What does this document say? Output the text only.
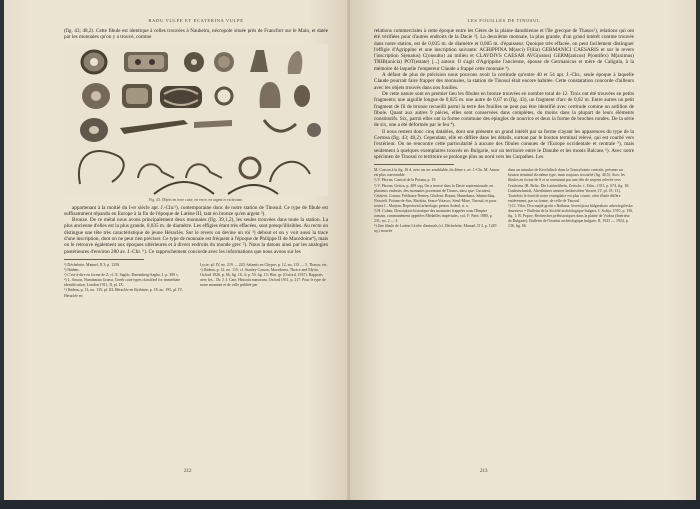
RADU VULPE ET ECATERINA VULPE

(fig. 43; 48,2). Cette fibule est identique à celles trouvées à Nauheim, nécropole située près de Francfort sur le Main, et datée par les monnaies qu'on y a trouvé, comme

Fig. 43. Objets en terre cuite, en verre, en argent et en bronze.

appartenant à la moitié du I-er siècle apr. J.-Chr.¹), contemporaine donc de notre station de Tinosul. Ce type de fibule est suffisamment répandu en Europe à la fin de l'époque de Latène III, tant en bronze qu'en argent ²).

Bronze. De ce métal nous avons principalement deux monnaies (fig. 39,1,2), les seules trouvées dans toute la station. La plus ancienne d'elles est la plus grande, 0,035 m. de diamètre. Les effigies étant très effacées, sont presqu'illisibles. Au recto on distingue une tête très caractéristique de jeune Héraclès. Sur le revers on devine un roi ³) debout et on y voit aussi la trace d'une inscription, dont on ne peut rien préciser. Ce type de monnaie est fréquent à l'époque de Philippe II de Macédoine⁴), mais on le retrouve également aux époques ultérieures et à divers endroits du monde grec ⁵). Nous la datons ainsi par les analogies postérieures d'environ 280 av. J.-Chr. ⁶). Ce rapprochement concorde avec les informations que nous avons sur les

¹) Déchelette, Manuel, II 3, p. 1256.
²) Ibidem.
³) C'est-à-dire en forme de Z; cf. E. Saglio, Daremberg-Saglio, I, p. 309 s.
⁴) L. Anson, Numismata Græca, Greek coin-types classified for immediate identification, London 1911, II, pl. IX.
⁵) Ibidem, p. 13, no. 135; pl. III, Héraclée en Bythinie; p. 18, no. 195, pl. IV, Héraclée en
Lycie; pl. IV, no. 219 — 220, Salamis en Chypre; p. 12, no. 133 — 5, Thasos; etc.
⁶) Ibidem, p. 12, no. 115; cf. Stanley Casson, Macedonia, Thrace and Illyria, Oxford 1926, p. 66, fig. 16, 4; p. 59, fig. 15; Hist. gr. (Oxford, 1937). Rapports avec les... Dr. J. J. Cate, Historia numorum, Oxford 1911, p. 217. Pour le type de notre monnaie et de celle publiée par
212
LES FOUILLES DE TINOSUL

relations commerciales à cette époque entre les Gètes de la plaine danubienne et l'île grecque de Thasos¹), relations qui ont été vérifiées pour d'autres endroits de la Dacie ²). La deuxième monnaie, la plus grande, d'un grand intérêt comme trouvée dans notre station, est de 0,035 m. de diamètre et 0,005 m. d'épaisseur. Quoique très effacée, on peut facilement distinguer l'effigie d'Agrippine et une inscription suivante: AGRIPPINA M(arci) F(ilia) GERMANICI CAESARIS et sur le revers l'inscription S(enatus) C(onsulto) au milieu et CLAVDIVS CAESAR AVG(ustus) GERM(anicus) P(ontifex) M(aximus) TRIB(unicia) POT(estate) [...] autour. Il s'agit d'Agrippine l'ancienne, épouse de Germanicus et mère de Caligula, à la mémoire de laquelle l'empereur Claude a frappé cette monnaie ³).

A défaut de plus de précision nous pouvons avoir la certitude qu'entre 40 et 54 apr. J.-Chr., seule époque à laquelle Claude pourrait faire frapper des monnaies, la station de Tinosul était encore habitée. Cette constatation concorde d'ailleurs avec les objets trouvés dans nos fouilles.

De cette nature sont en premier lieu les fibules en bronze trouvées en nombre total de 12. Trois ont été trouvées en petits fragments; une aiguille longue de 0,025 m. une autre de 0,07 m (fig. 43), un fragment d'arc de 0,02 m. Entre autres un petit fragment de fil de bronze recueilli parmi la terre des fouilles ne peut pas être identifié avec certitude comme un ardillon de fibule. Quant aux autres 9 pièces, elles sont conservées dans complètes, du moins dans la plupart de leurs éléments constitutifs. Six, parmi elles ont la forme commune des épingles de nourrice et deux la forme de broches rondes. De la série de six, une a été déformée par le feu ⁴).

Il nous restent donc cinq datables, dont une présente un grand intérêt par sa forme n'ayant les apparences du type de la Certosa (fig. 43; 48,2). Cependant, elle en diffère dans les détails, surtout par le bouton terminal relevé, qui est courbé vers l'extérieur. On ne rencontre cette particularité à aucune des fibules connues de l'Europe occidentale et centrale ⁵), mais seulement à quelques exemplaires trouvés en Bulgarie, sur un territoire entre le Danube et les monts Balcans ⁶). Avec notre spécimen de Tinosul ce territoire se prolonge plus au nord vers les Carpathes. Les

M. Casson à la fig. 16 d, avec un arc semblable, du 4ème s. av. J.-Chr. M. Anson est plus convenable.
¹) V. Pârvan, Castrul de la Poiana, p. 19.
²) V. Pârvan, Getica, p. 409 sqq. On a trouvé dans la Dacie septentrionale, en plusieurs endroits, des monnaies provenant de Thasos, ainsi que: Cucuteni, Cetățeni, Crasna, Feldioara-Nemeș, Glodeni, Boțani, Hunedoara, Sânmiclăuș, Noroieli, Poiana-de-Sus, Răcătău, Seaca-Voiasco, Sieul-Mare, Tinosul; et pour toutes L. Marțian, Repertoriul arheologic pentru Ardeal, n. o.
³) H. Cohen, Description historique des monnaies frappées sous l'Empire romain, communément appelées Médailles impériales, vol. I², Paris 1880, p. 231, no. 2 — 3.
⁴) Une fibule de Latène I à tête d'animals (cf. Déchelette, Manuel, II 3, p. 1249 sq.) trouvée
dans un tumulus de Kerchiltsch dans la Transylvanie centrale, présente un bouton terminal du même type, mais toujours recourbé (fig. 48,5). Avec les fibules en forme de S et se terminant par une tête de serpent relevée vers l'extérieur (R. Beltz, Die Latènefibeln, Zeitschr. f. Ethn., 1911, p. 674, fig. 10; Lindenschmidt, Alterthümer unserer heidnischen Vorzeit, IV, pl. 18, 13), Toutefois le fond de notre exemplaire est plus courte, cette fibule diffère entièrement, par sa forme, de celle de Tinosul.
⁵) Cf. Vilor, Dva majdi grobs s Balkana, Izvestija na bălgarskoto arheologičesko druzestvo = Bulletin de la Société archéologique bulgare, I, Sofija, 1910, p. 156, fig. 1; B. Popov, Recherches préhistoriques dans la plaine de Vrabsa (Intérieur de Bulgarie). Bulletin de l'Institut archéologique bulgare, II, 1923 — 1924, p. 136, fig. 66.
213
